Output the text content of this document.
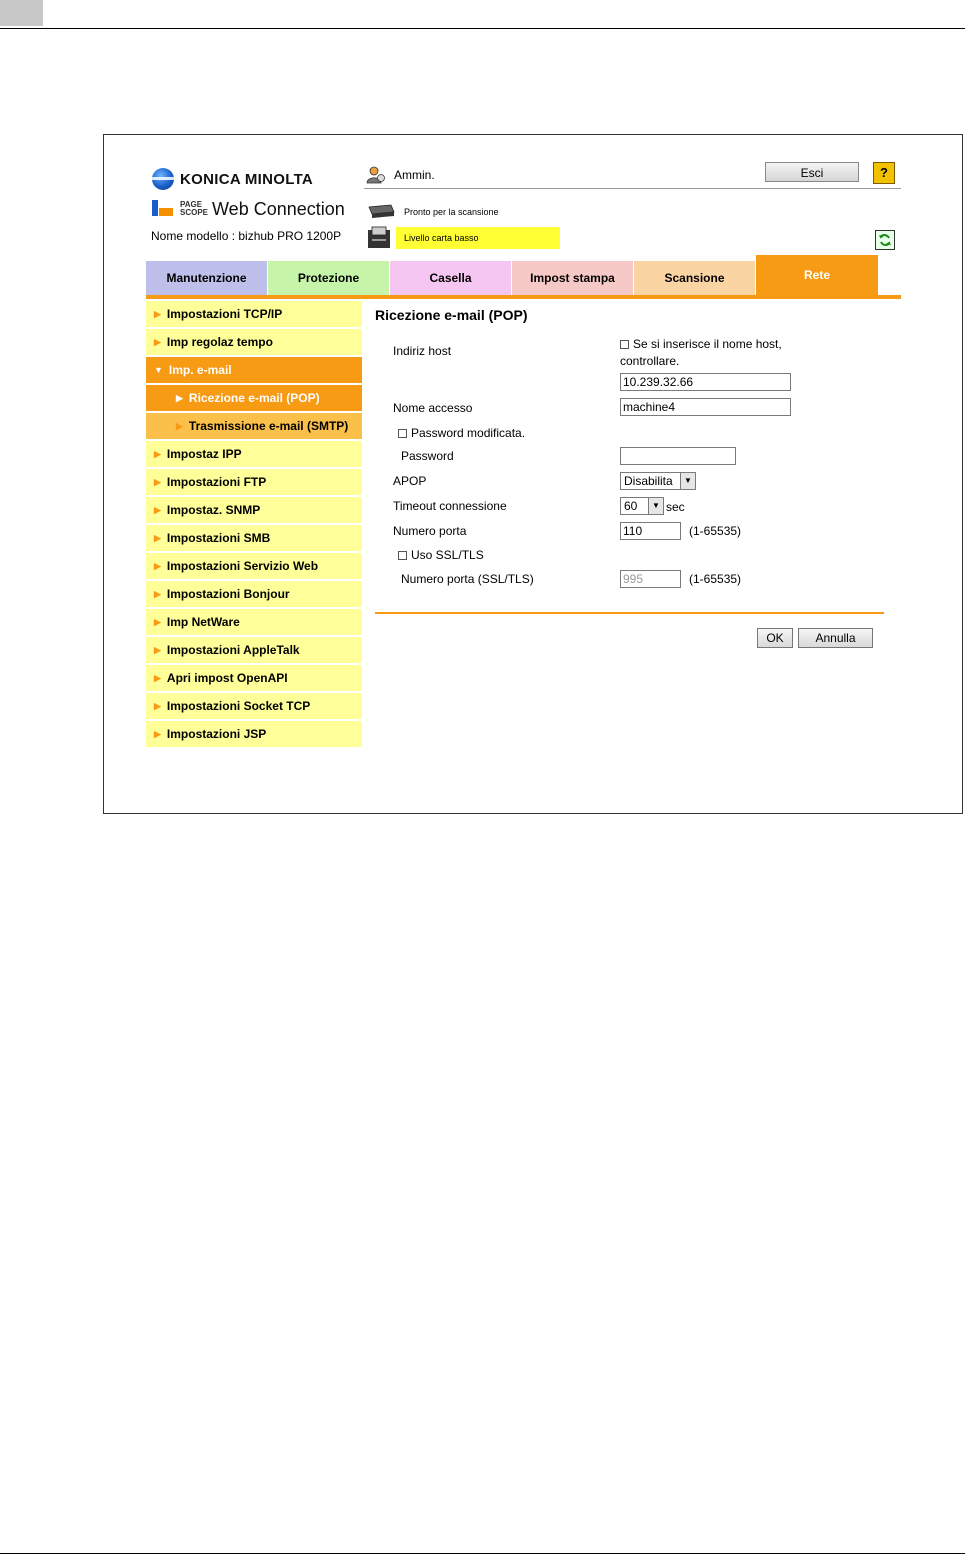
KONICA MINOLTA
PAGE
SCOPE Web Connection
Nome modello : bizhub PRO 1200P
Ammin.	Esci	?
Pronto per la scansione
Livello carta basso
Manutenzione	Protezione	Casella	Impost stampa	Scansione	Rete
▶ Impostazioni TCP/IP
▶ Imp regolaz tempo
▼ Imp. e-mail
▶ Ricezione e-mail (POP)
▶ Trasmissione e-mail (SMTP)
▶ Impostaz IPP
▶ Impostazioni FTP
▶ Impostaz. SNMP
▶ Impostazioni SMB
▶ Impostazioni Servizio Web
▶ Impostazioni Bonjour
▶ Imp NetWare
▶ Impostazioni AppleTalk
▶ Apri impost OpenAPI
▶ Impostazioni Socket TCP
▶ Impostazioni JSP
Ricezione e-mail (POP)
Indiriz host	Se si inserisce il nome host,
controllare.
10.239.32.66
Nome accesso	machine4
Password modificata.
Password
APOP	Disabilita	▼
Timeout connessione	60	▼ sec
Numero porta	110	(1-65535)
Uso SSL/TLS
Numero porta (SSL/TLS)	995	(1-65535)
OK	Annulla
